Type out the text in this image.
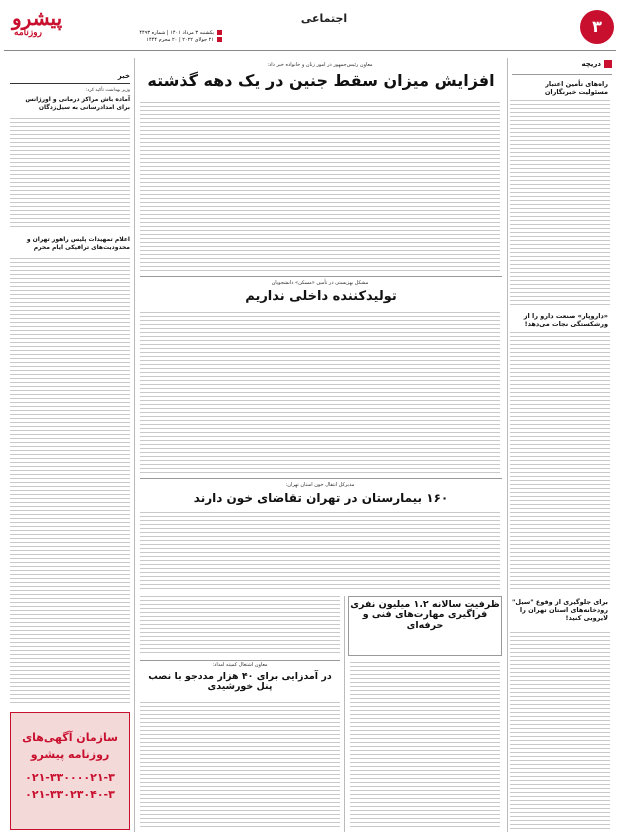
پیشرو
روزنامه	یکشنبه ۳ مرداد ۱۴۰۱ | شماره ۴۴۹۳
۲۱ جولای ۲۰۲۲ | ۲۰ محرم ۱۴۴۴
اجتماعی	۳
دریچه
راه‌های تأمین اعتبار مسئولیت خبرنگاران
«داروپار» صنعت دارو را از ورشکستگی نجات می‌دهد!
برای جلوگیری از وقوع "سیل" رودخانه‌های استان تهران را لایروبی کنید!
خبر
وزیر بهداشت تأکید کرد:
آماده باش مراکز درمانی و اورژانس برای امدادرسانی به سیل‌زدگان
اعلام تمهیدات پلیس راهور تهران و محدودیت‌های ترافیکی ایام محرم
سازمان آگهی‌های
روزنامه پیشرو
۰۲۱-۳۳۰۰۰۰۲۱-۳
۰۲۱-۳۳۰۲۳۰۴۰-۳
معاون رئیس‌جمهور در امور زنان و خانواده خبر داد:
افزایش میزان سقط جنین در یک دهه گذشته
مشکل بهزیستی در تأمین «مسکن» دانشجویان
تولیدکننده داخلی نداریم
مدیرکل انتقال خون استان تهران:
۱۶۰ بیمارستان در تهران تقاضای خون دارند
ظرفیت سالانه ۱.۲ میلیون نفری فراگیری مهارت‌های فنی و حرفه‌ای
معاون اشتغال کمیته امداد:
در آمدزایی برای ۴۰ هزار مددجو با نصب پنل خورشیدی
